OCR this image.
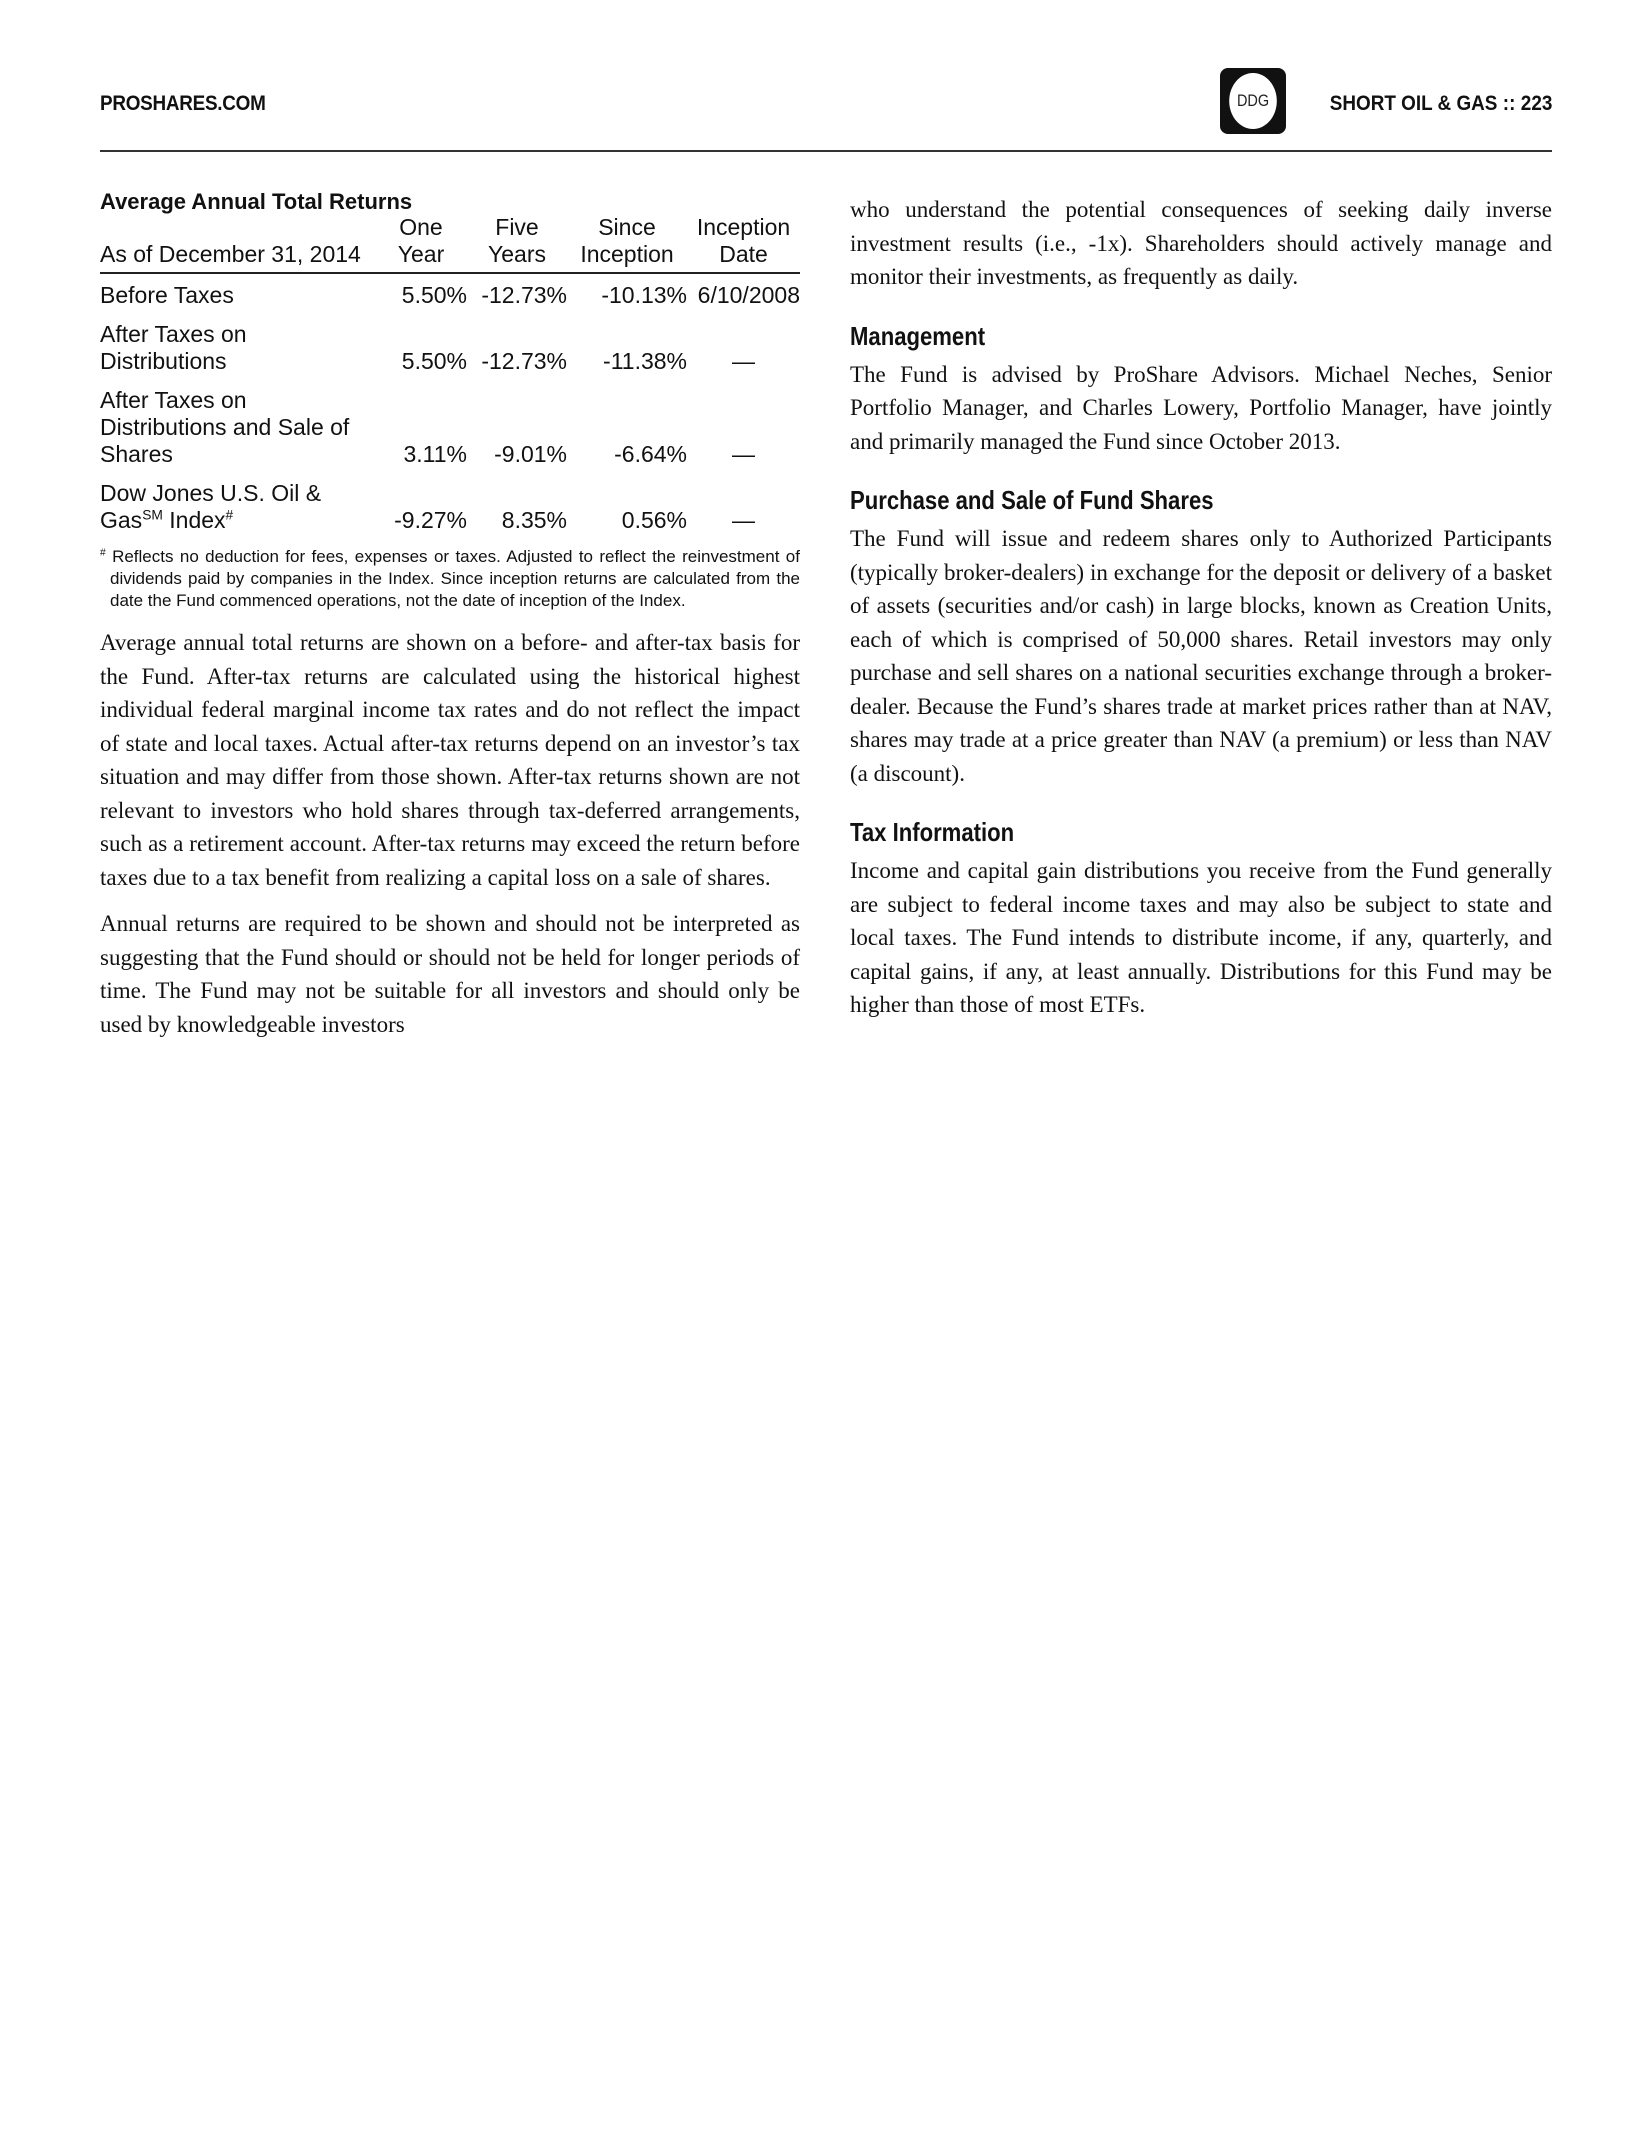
PROSHARES.COM	DDG	SHORT OIL & GAS :: 223
Average Annual Total Returns
As of December 31, 2014	One Year	Five Years	Since Inception	Inception Date
Before Taxes	5.50%	-12.73%	-10.13%	6/10/2008
After Taxes on Distributions	5.50%	-12.73%	-11.38%	—
After Taxes on Distributions and Sale of Shares	3.11%	-9.01%	-6.64%	—
Dow Jones U.S. Oil & Gas℠ Index#	-9.27%	8.35%	0.56%	—
# Reflects no deduction for fees, expenses or taxes. Adjusted to reflect the reinvestment of dividends paid by companies in the Index. Since inception returns are calculated from the date the Fund commenced operations, not the date of inception of the Index.

Average annual total returns are shown on a before- and after-tax basis for the Fund. After-tax returns are calculated using the historical highest individual federal marginal income tax rates and do not reflect the impact of state and local taxes. Actual after-tax returns depend on an investor’s tax situation and may differ from those shown. After-tax returns shown are not relevant to investors who hold shares through tax-deferred arrangements, such as a retirement account. After-tax returns may exceed the return before taxes due to a tax benefit from realizing a capital loss on a sale of shares.

Annual returns are required to be shown and should not be interpreted as suggesting that the Fund should or should not be held for longer periods of time. The Fund may not be suitable for all investors and should only be used by knowledgeable investors

who understand the potential consequences of seeking daily inverse investment results (i.e., -1x). Shareholders should actively manage and monitor their investments, as frequently as daily.

Management

The Fund is advised by ProShare Advisors. Michael Neches, Senior Portfolio Manager, and Charles Lowery, Portfolio Manager, have jointly and primarily managed the Fund since October 2013.

Purchase and Sale of Fund Shares

The Fund will issue and redeem shares only to Authorized Participants (typically broker-dealers) in exchange for the deposit or delivery of a basket of assets (securities and/or cash) in large blocks, known as Creation Units, each of which is comprised of 50,000 shares. Retail investors may only purchase and sell shares on a national securities exchange through a broker-dealer. Because the Fund’s shares trade at market prices rather than at NAV, shares may trade at a price greater than NAV (a premium) or less than NAV (a discount).

Tax Information

Income and capital gain distributions you receive from the Fund generally are subject to federal income taxes and may also be subject to state and local taxes. The Fund intends to distribute income, if any, quarterly, and capital gains, if any, at least annually. Distributions for this Fund may be higher than those of most ETFs.
